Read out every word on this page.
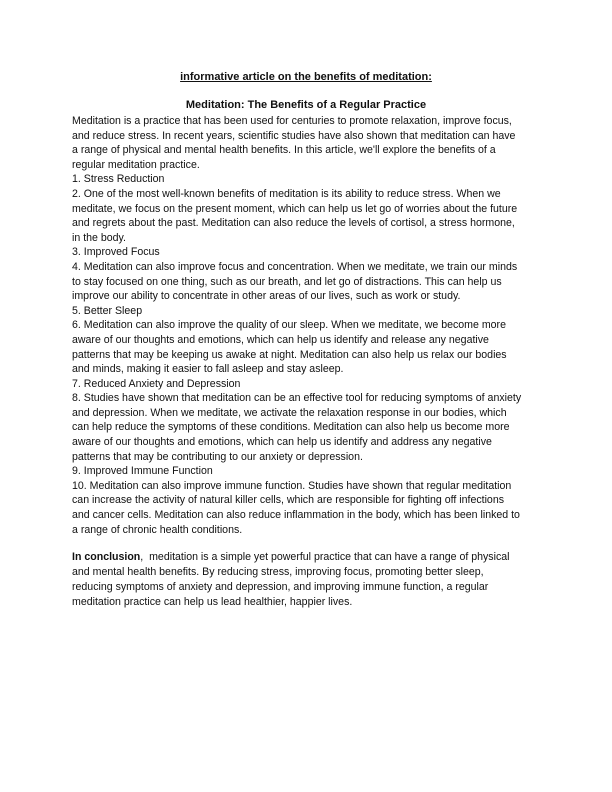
informative article on the benefits of meditation:
Meditation: The Benefits of a Regular Practice
Meditation is a practice that has been used for centuries to promote relaxation, improve focus,
and reduce stress. In recent years, scientific studies have also shown that meditation can have
a range of physical and mental health benefits. In this article, we'll explore the benefits of a
regular meditation practice.
1. Stress Reduction
2. One of the most well-known benefits of meditation is its ability to reduce stress. When we
meditate, we focus on the present moment, which can help us let go of worries about the future
and regrets about the past. Meditation can also reduce the levels of cortisol, a stress hormone,
in the body.
3. Improved Focus
4. Meditation can also improve focus and concentration. When we meditate, we train our minds
to stay focused on one thing, such as our breath, and let go of distractions. This can help us
improve our ability to concentrate in other areas of our lives, such as work or study.
5. Better Sleep
6. Meditation can also improve the quality of our sleep. When we meditate, we become more
aware of our thoughts and emotions, which can help us identify and release any negative
patterns that may be keeping us awake at night. Meditation can also help us relax our bodies
and minds, making it easier to fall asleep and stay asleep.
7. Reduced Anxiety and Depression
8. Studies have shown that meditation can be an effective tool for reducing symptoms of anxiety
and depression. When we meditate, we activate the relaxation response in our bodies, which
can help reduce the symptoms of these conditions. Meditation can also help us become more
aware of our thoughts and emotions, which can help us identify and address any negative
patterns that may be contributing to our anxiety or depression.
9. Improved Immune Function
10. Meditation can also improve immune function. Studies have shown that regular meditation
can increase the activity of natural killer cells, which are responsible for fighting off infections
and cancer cells. Meditation can also reduce inflammation in the body, which has been linked to
a range of chronic health conditions.
In conclusion,  meditation is a simple yet powerful practice that can have a range of physical
and mental health benefits. By reducing stress, improving focus, promoting better sleep,
reducing symptoms of anxiety and depression, and improving immune function, a regular
meditation practice can help us lead healthier, happier lives.
